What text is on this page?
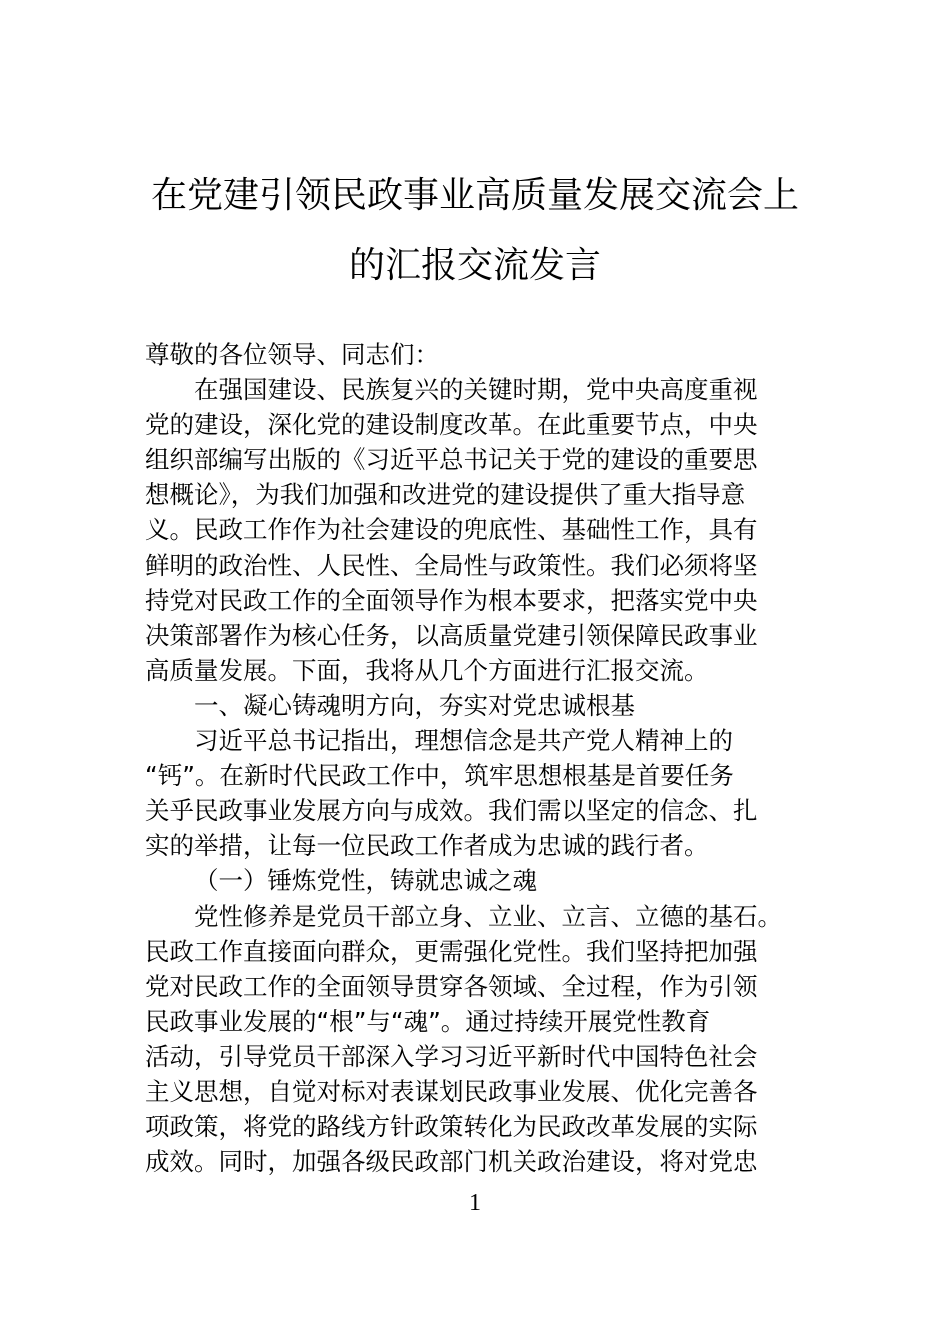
在党建引领民政事业高质量发展交流会上
的汇报交流发言
尊敬的各位领导、同志们：
在强国建设、民族复兴的关键时期，党中央高度重视
党的建设，深化党的建设制度改革。在此重要节点，中央
组织部编写出版的《习近平总书记关于党的建设的重要思
想概论》，为我们加强和改进党的建设提供了重大指导意
义。民政工作作为社会建设的兜底性、基础性工作，具有
鲜明的政治性、人民性、全局性与政策性。我们必须将坚
持党对民政工作的全面领导作为根本要求，把落实党中央
决策部署作为核心任务，以高质量党建引领保障民政事业
高质量发展。下面，我将从几个方面进行汇报交流。
一、凝心铸魂明方向，夯实对党忠诚根基
习近平总书记指出，理想信念是共产党人精神上的
“钙”。在新时代民政工作中，筑牢思想根基是首要任务
关乎民政事业发展方向与成效。我们需以坚定的信念、扎
实的举措，让每一位民政工作者成为忠诚的践行者。
（一）锤炼党性，铸就忠诚之魂
党性修养是党员干部立身、立业、立言、立德的基石。
民政工作直接面向群众，更需强化党性。我们坚持把加强
党对民政工作的全面领导贯穿各领域、全过程，作为引领
民政事业发展的“根”与“魂”。通过持续开展党性教育
活动，引导党员干部深入学习习近平新时代中国特色社会
主义思想，自觉对标对表谋划民政事业发展、优化完善各
项政策，将党的路线方针政策转化为民政改革发展的实际
成效。同时，加强各级民政部门机关政治建设，将对党忠
1
